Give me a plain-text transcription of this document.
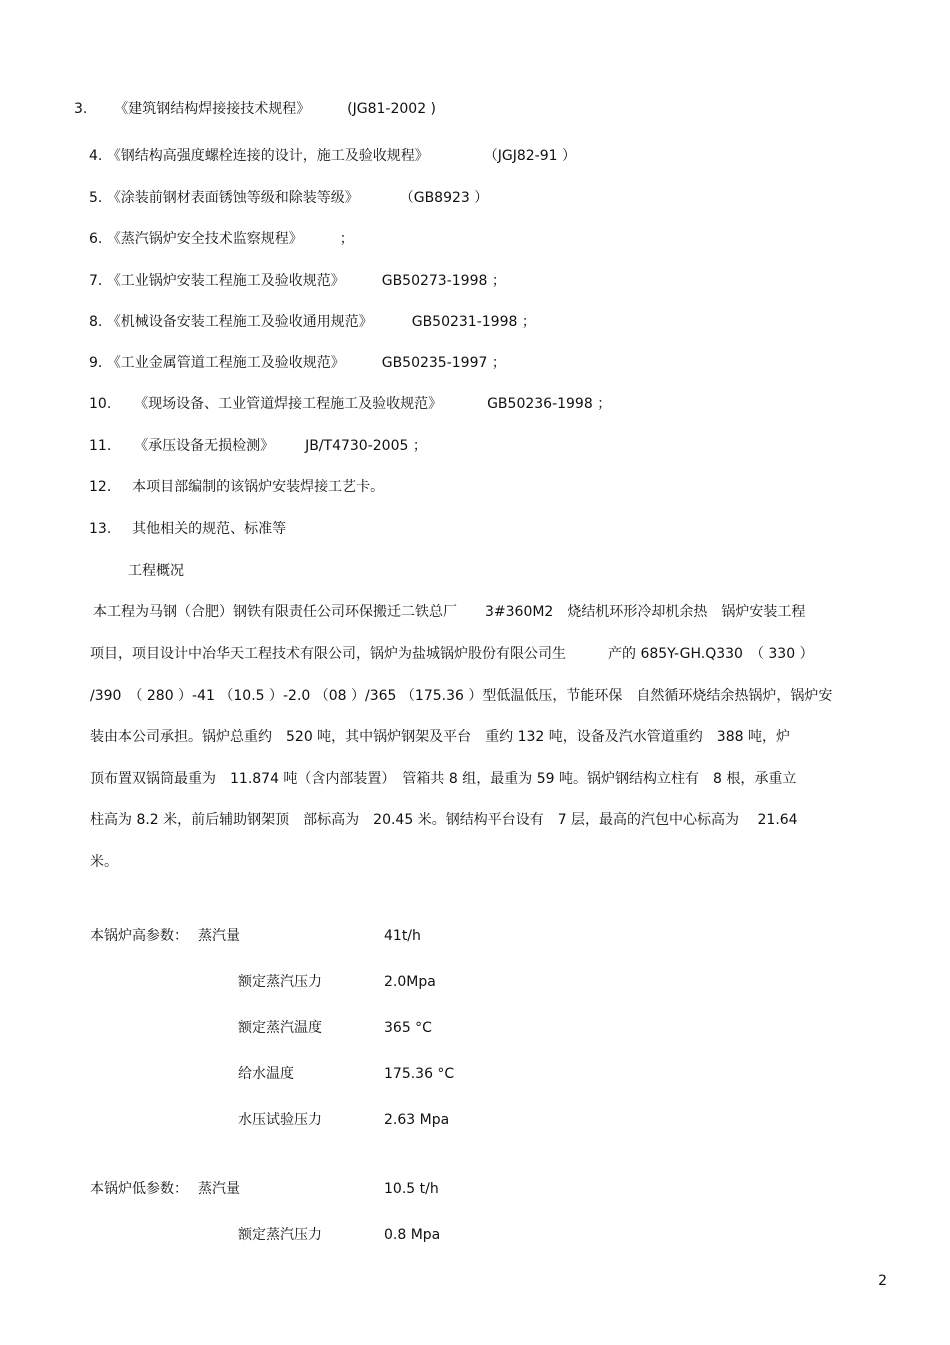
3. 《建筑钢结构焊接接技术规程》	(JG81-2002 )
4. 《钢结构高强度螺栓连接的设计，施工及验收规程》	（JGJ82-91 ）
5. 《涂装前钢材表面锈蚀等级和除装等级》	（GB8923 ）
6. 《蒸汽锅炉安全技术监察规程》	；
7. 《工业锅炉安装工程施工及验收规范》	GB50273-1998 ；
8. 《机械设备安装工程施工及验收通用规范》	GB50231-1998 ；
9. 《工业金属管道工程施工及验收规范》	GB50235-1997 ；
10. 《现场设备、工业管道焊接工程施工及验收规范》	GB50236-1998 ；
11. 《承压设备无损检测》 JB/T4730-2005 ；
12. 本项目部编制的该锅炉安装焊接工艺卡。
13. 其他相关的规范、标准等
工程概况
本工程为马钢（合肥）钢铁有限责任公司环保搬迁二铁总厂　　3#360M2　烧结机环形冷却机余热　锅炉安装工程
项目，项目设计中冶华天工程技术有限公司，锅炉为盐城锅炉股份有限公司生　　　产的 685Y-GH.Q330　（ 330 ）
/390　（ 280 ）-41 （10.5 ）-2.0 （08 ）/365 （175.36 ）型低温低压，节能环保　自然循环烧结余热锅炉，锅炉安
装由本公司承担。锅炉总重约　520 吨，其中锅炉钢架及平台　重约 132 吨，设备及汽水管道重约　388 吨，炉
顶布置双锅筒最重为　11.874 吨（含内部装置）　管箱共 8 组，最重为 59 吨。锅炉钢结构立柱有　8 根，承重立
柱高为 8.2 米，前后辅助钢架顶　部标高为　20.45 米。钢结构平台设有　7 层，最高的汽包中心标高为　 21.64
米。
本锅炉高参数： 蒸汽量	41t/h
额定蒸汽压力	2.0Mpa
额定蒸汽温度	365 °C
给水温度	175.36 °C
水压试验压力	2.63 Mpa
本锅炉低参数： 蒸汽量	10.5 t/h
额定蒸汽压力	0.8 Mpa
2
